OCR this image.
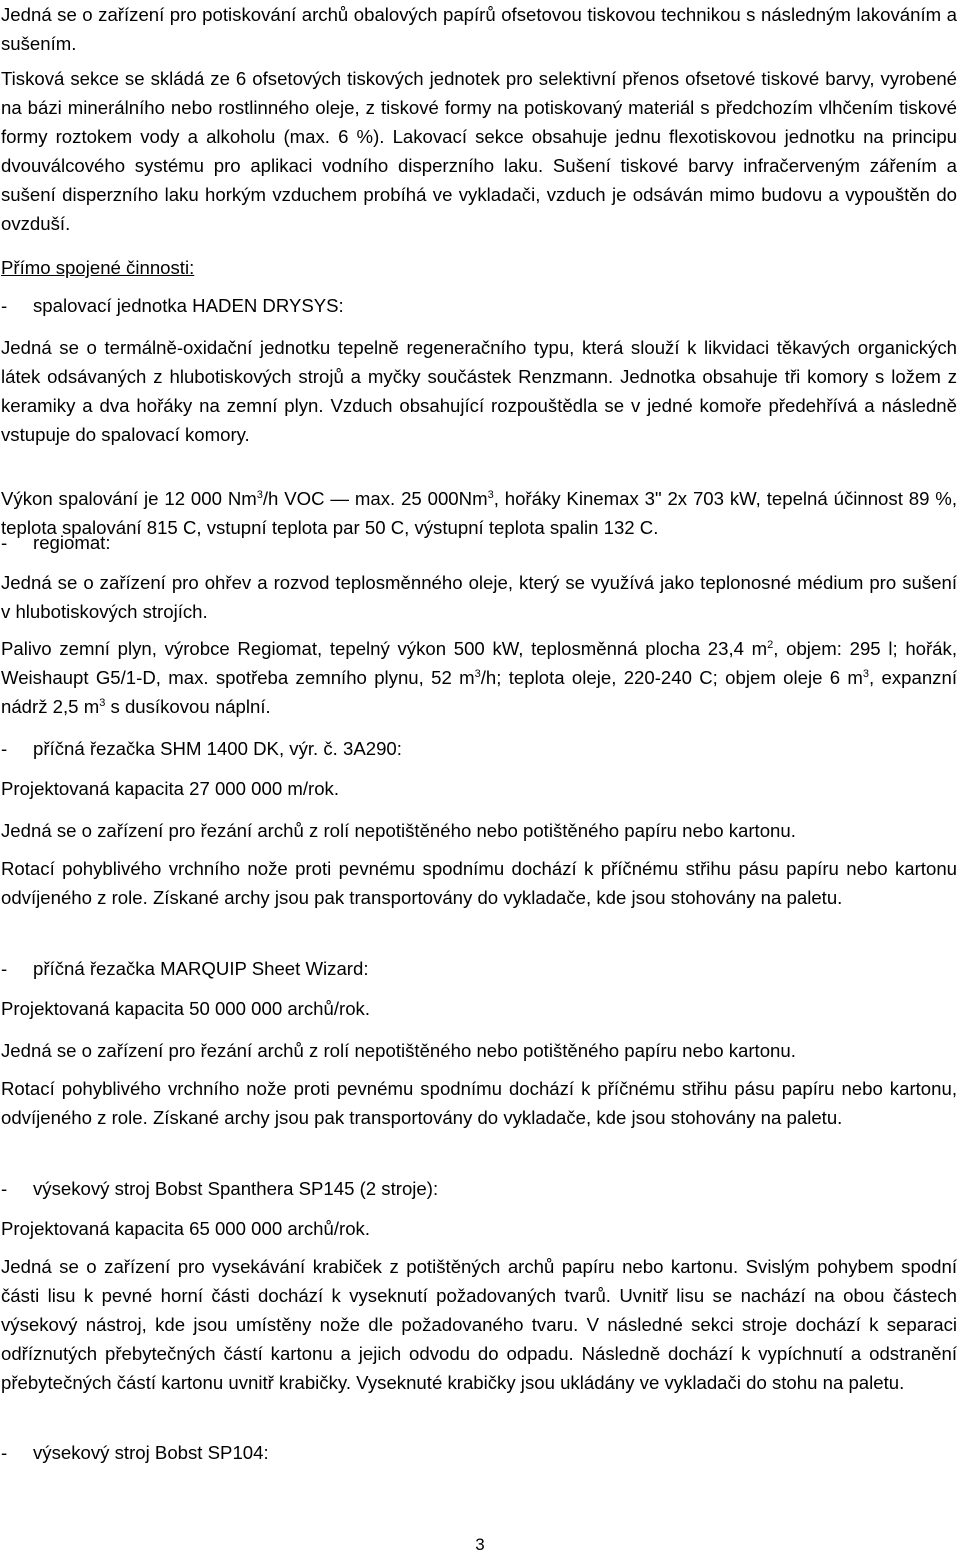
Jedná se o zařízení pro potiskování archů obalových papírů ofsetovou tiskovou technikou s následným lakováním a sušením.

Tisková sekce se skládá ze 6 ofsetových tiskových jednotek pro selektivní přenos ofsetové tiskové barvy, vyrobené na bázi minerálního nebo rostlinného oleje, z tiskové formy na potiskovaný materiál s předchozím vlhčením tiskové formy roztokem vody a alkoholu (max. 6 %). Lakovací sekce obsahuje jednu flexotiskovou jednotku na principu dvouválcového systému pro aplikaci vodního disperzního laku. Sušení tiskové barvy infračerveným zářením a sušení disperzního laku horkým vzduchem probíhá ve vykladači, vzduch je odsáván mimo budovu a vypouštěn do ovzduší.

Přímo spojené činnosti:

- spalovací jednotka HADEN DRYSYS:

Jedná se o termálně-oxidační jednotku tepelně regeneračního typu, která slouží k likvidaci těkavých organických látek odsávaných z hlubotiskových strojů a myčky součástek Renzmann. Jednotka obsahuje tři komory s ložem z keramiky a dva hořáky na zemní plyn. Vzduch obsahující rozpouštědla se v jedné komoře předehřívá a následně vstupuje do spalovací komory.

Výkon spalování je 12 000 Nm$^3$/h VOC — max. 25 000Nm$^3$, hořáky Kinemax 3" 2x 703 kW, tepelná účinnost 89 %, teplota spalování 815 C, vstupní teplota par 50 C, výstupní teplota spalin 132 C.

- regiomat:

Jedná se o zařízení pro ohřev a rozvod teplosměnného oleje, který se využívá jako teplonosné médium pro sušení v hlubotiskových strojích.

Palivo zemní plyn, výrobce Regiomat, tepelný výkon 500 kW, teplosměnná plocha 23,4 $m^2$, objem: 295 l; hořák, Weishaupt G5/1-D, max. spotřeba zemního plynu, 52 $m^3/h$; teplota oleje, 220-240 C; objem oleje 6 $m^3$, expanzní nádrž 2,5 $m^3$ s dusíkovou náplní.

- příčná řezačka SHM 1400 DK, výr. č. 3A290:

Projektovaná kapacita 27 000 000 m/rok.

Jedná se o zařízení pro řezání archů z rolí nepotištěného nebo potištěného papíru nebo kartonu.

Rotací pohyblivého vrchního nože proti pevnému spodnímu dochází k příčnému střihu pásu papíru nebo kartonu odvíjeného z role. Získané archy jsou pak transportovány do vykladače, kde jsou stohovány na paletu.

- příčná řezačka MARQUIP Sheet Wizard:

Projektovaná kapacita 50 000 000 archů/rok.

Jedná se o zařízení pro řezání archů z rolí nepotištěného nebo potištěného papíru nebo kartonu.

Rotací pohyblivého vrchního nože proti pevnému spodnímu dochází k příčnému střihu pásu papíru nebo kartonu, odvíjeného z role. Získané archy jsou pak transportovány do vykladače, kde jsou stohovány na paletu.

- výsekový stroj Bobst Spanthera SP145 (2 stroje):

Projektovaná kapacita 65 000 000 archů/rok.

Jedná se o zařízení pro vysekávání krabiček z potištěných archů papíru nebo kartonu. Svislým pohybem spodní části lisu k pevné horní části dochází k vyseknutí požadovaných tvarů. Uvnitř lisu se nachází na obou částech výsekový nástroj, kde jsou umístěny nože dle požadovaného tvaru. V následné sekci stroje dochází k separaci odříznutých přebytečných částí kartonu a jejich odvodu do odpadu. Následně dochází k vypíchnutí a odstranění přebytečných částí kartonu uvnitř krabičky. Vyseknuté krabičky jsou ukládány ve vykladači do stohu na paletu.

- výsekový stroj Bobst SP104:
3
